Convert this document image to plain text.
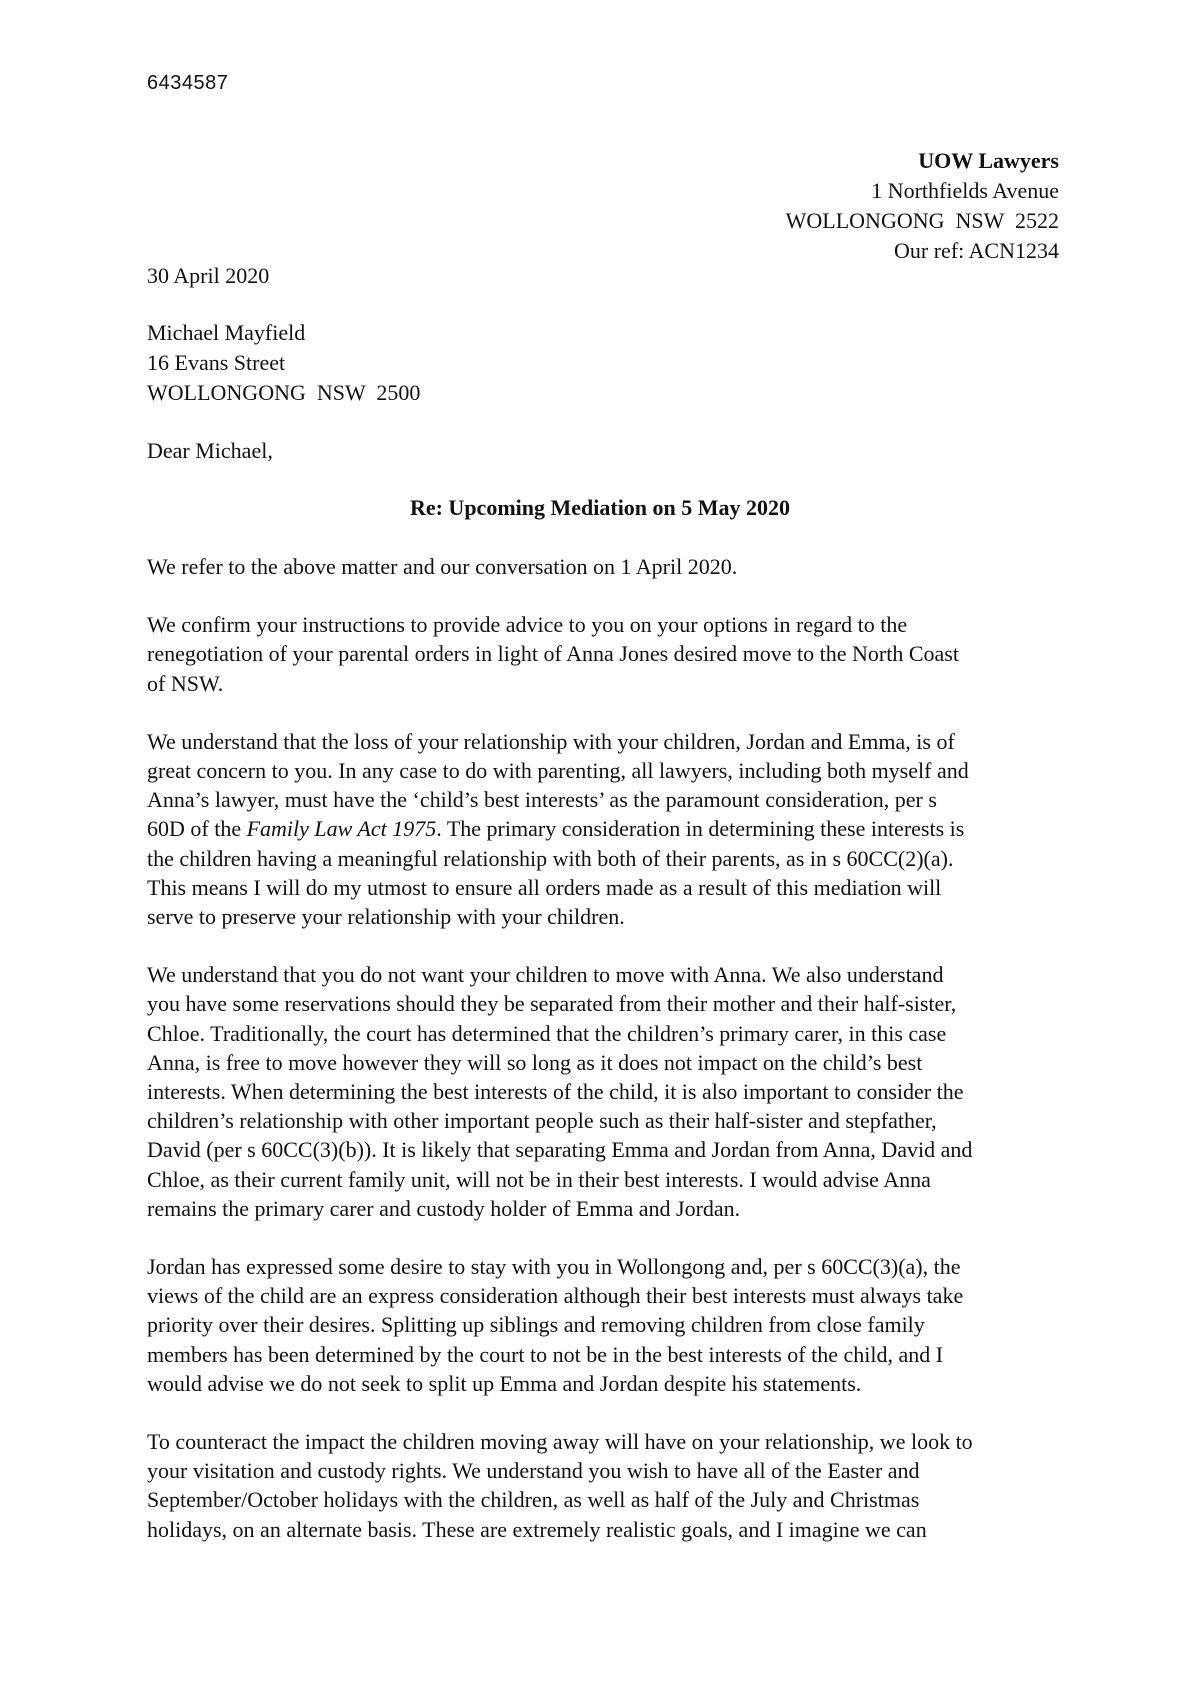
6434587
UOW Lawyers
1 Northfields Avenue
WOLLONGONG  NSW  2522
Our ref: ACN1234
30 April 2020
Michael Mayfield
16 Evans Street
WOLLONGONG  NSW  2500
Dear Michael,
Re: Upcoming Mediation on 5 May 2020

We refer to the above matter and our conversation on 1 April 2020.

We confirm your instructions to provide advice to you on your options in regard to the
renegotiation of your parental orders in light of Anna Jones desired move to the North Coast
of NSW.

We understand that the loss of your relationship with your children, Jordan and Emma, is of
great concern to you. In any case to do with parenting, all lawyers, including both myself and
Anna’s lawyer, must have the ‘child’s best interests’ as the paramount consideration, per s
60D of the Family Law Act 1975. The primary consideration in determining these interests is
the children having a meaningful relationship with both of their parents, as in s 60CC(2)(a).
This means I will do my utmost to ensure all orders made as a result of this mediation will
serve to preserve your relationship with your children.

We understand that you do not want your children to move with Anna. We also understand
you have some reservations should they be separated from their mother and their half-sister,
Chloe. Traditionally, the court has determined that the children’s primary carer, in this case
Anna, is free to move however they will so long as it does not impact on the child’s best
interests. When determining the best interests of the child, it is also important to consider the
children’s relationship with other important people such as their half-sister and stepfather,
David (per s 60CC(3)(b)). It is likely that separating Emma and Jordan from Anna, David and
Chloe, as their current family unit, will not be in their best interests. I would advise Anna
remains the primary carer and custody holder of Emma and Jordan.

Jordan has expressed some desire to stay with you in Wollongong and, per s 60CC(3)(a), the
views of the child are an express consideration although their best interests must always take
priority over their desires. Splitting up siblings and removing children from close family
members has been determined by the court to not be in the best interests of the child, and I
would advise we do not seek to split up Emma and Jordan despite his statements.

To counteract the impact the children moving away will have on your relationship, we look to
your visitation and custody rights. We understand you wish to have all of the Easter and
September/October holidays with the children, as well as half of the July and Christmas
holidays, on an alternate basis. These are extremely realistic goals, and I imagine we can
